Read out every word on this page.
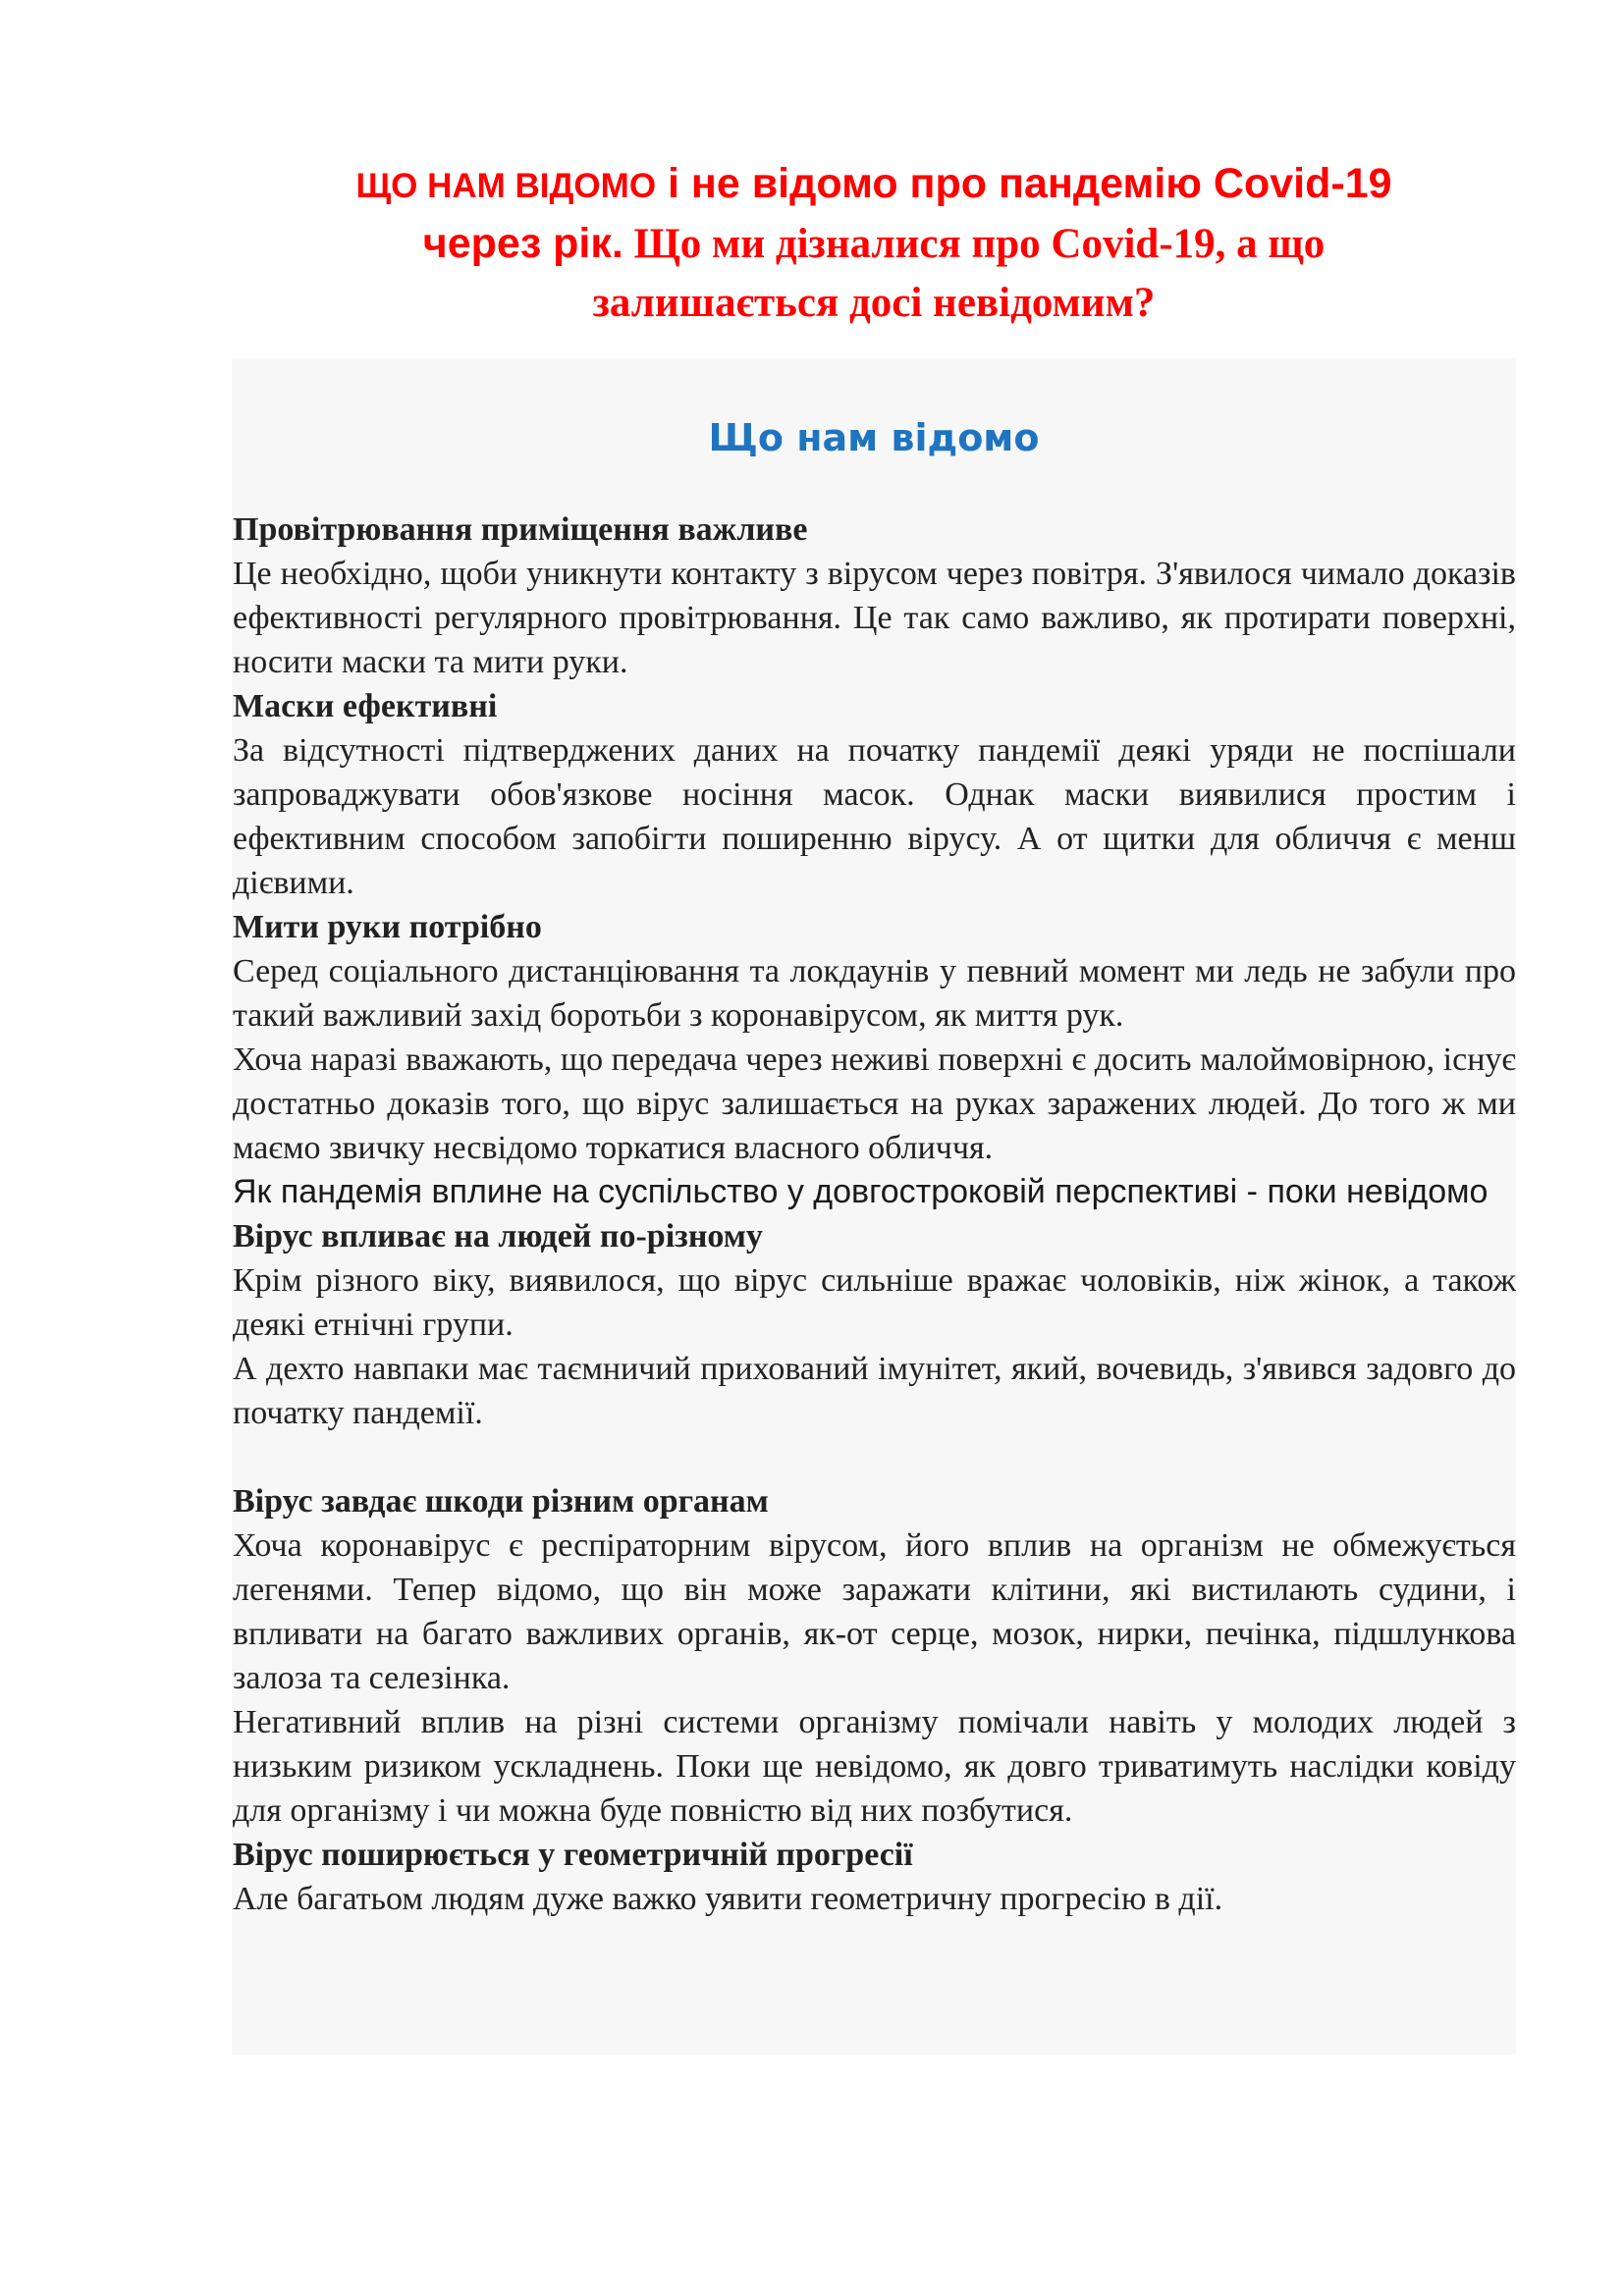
ЩО НАМ ВІДОМО і не відомо про пандемію Covid-19
через рік. Що ми дізналися про Covid-19, а що
залишається досі невідомим?
Що нам відомо

Провітрювання приміщення важливе

Це необхідно, щоби уникнути контакту з вірусом через повітря. З'явилося чимало доказів ефективності регулярного провітрювання. Це так само важливо, як протирати поверхні, носити маски та мити руки.

Маски ефективні

За відсутності підтверджених даних на початку пандемії деякі уряди не поспішали запроваджувати обов'язкове носіння масок. Однак маски виявилися простим і ефективним способом запобігти поширенню вірусу. А от щитки для обличчя є менш дієвими.

Мити руки потрібно

Серед соціального дистанціювання та локдаунів у певний момент ми ледь не забули про такий важливий захід боротьби з коронавірусом, як миття рук.

Хоча наразі вважають, що передача через неживі поверхні є досить малоймовірною, існує достатньо доказів того, що вірус залишається на руках заражених людей. До того ж ми маємо звичку несвідомо торкатися власного обличчя.

Як пандемія вплине на суспільство у довгостроковій перспективі - поки невідомо

Вірус впливає на людей по-різному

Крім різного віку, виявилося, що вірус сильніше вражає чоловіків, ніж жінок, а також деякі етнічні групи.

А дехто навпаки має таємничий прихований імунітет, який, вочевидь, з'явився задовго до початку пандемії.

Вірус завдає шкоди різним органам

Хоча коронавірус є респіраторним вірусом, його вплив на організм не обмежується легенями. Тепер відомо, що він може заражати клітини, які вистилають судини, і впливати на багато важливих органів, як-от серце, мозок, нирки, печінка, підшлункова залоза та селезінка.

Негативний вплив на різні системи організму помічали навіть у молодих людей з низьким ризиком ускладнень. Поки ще невідомо, як довго триватимуть наслідки ковіду для організму і чи можна буде повністю від них позбутися.

Вірус поширюється у геометричній прогресії

Але багатьом людям дуже важко уявити геометричну прогресію в дії.
